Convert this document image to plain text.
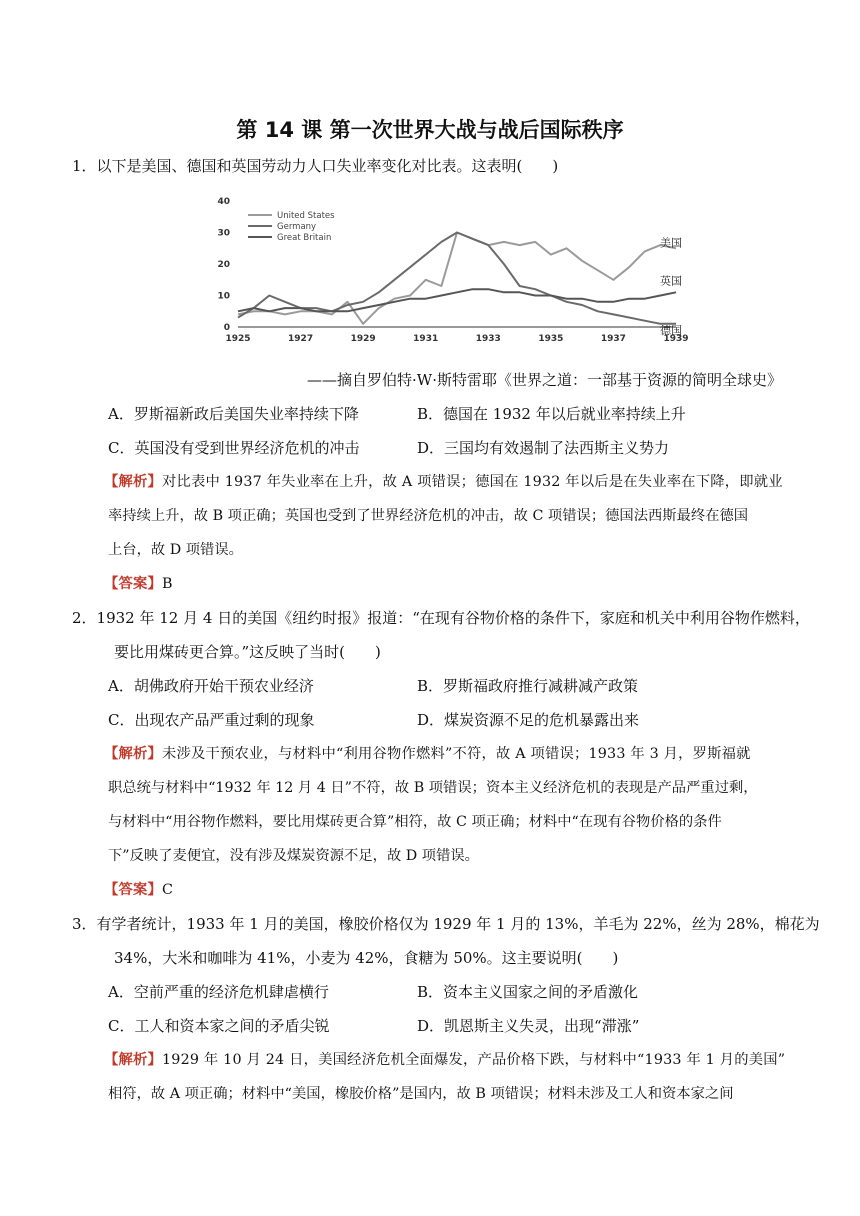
第 14 课 第一次世界大战与战后国际秩序
1．以下是美国、德国和英国劳动力人口失业率变化对比表。这表明(　　)
0
10
20
30
40
1925	1927	1929	1931	1933	1935	1937	1939
美国
德国
英国
United States
Germany
Great Britain
——摘自罗伯特·W·斯特雷耶《世界之道：一部基于资源的简明全球史》
A．罗斯福新政后美国失业率持续下降	B．德国在 1932 年以后就业率持续上升
C．英国没有受到世界经济危机的冲击	D．三国均有效遏制了法西斯主义势力
【解析】对比表中 1937 年失业率在上升，故 A 项错误；德国在 1932 年以后是在失业率在下降，即就业
率持续上升，故 B 项正确；英国也受到了世界经济危机的冲击，故 C 项错误；德国法西斯最终在德国
上台，故 D 项错误。
【答案】B
2．1932 年 12 月 4 日的美国《纽约时报》报道：“在现有谷物价格的条件下，家庭和机关中利用谷物作燃料，
要比用煤砖更合算。”这反映了当时(　　)
A．胡佛政府开始干预农业经济	B．罗斯福政府推行减耕减产政策
C．出现农产品严重过剩的现象	D．煤炭资源不足的危机暴露出来
【解析】未涉及干预农业，与材料中“利用谷物作燃料”不符，故 A 项错误；1933 年 3 月，罗斯福就
职总统与材料中“1932 年 12 月 4 日”不符，故 B 项错误；资本主义经济危机的表现是产品严重过剩，
与材料中“用谷物作燃料，要比用煤砖更合算”相符，故 C 项正确；材料中“在现有谷物价格的条件
下”反映了麦便宜，没有涉及煤炭资源不足，故 D 项错误。
【答案】C
3．有学者统计，1933 年 1 月的美国，橡胶价格仅为 1929 年 1 月的 13%，羊毛为 22%，丝为 28%，棉花为
34%，大米和咖啡为 41%，小麦为 42%，食糖为 50%。这主要说明(　　)
A．空前严重的经济危机肆虐横行	B．资本主义国家之间的矛盾激化
C．工人和资本家之间的矛盾尖锐	D．凯恩斯主义失灵，出现“滞涨”
【解析】1929 年 10 月 24 日，美国经济危机全面爆发，产品价格下跌，与材料中“1933 年 1 月的美国”
相符，故 A 项正确；材料中“美国，橡胶价格”是国内，故 B 项错误；材料未涉及工人和资本家之间
